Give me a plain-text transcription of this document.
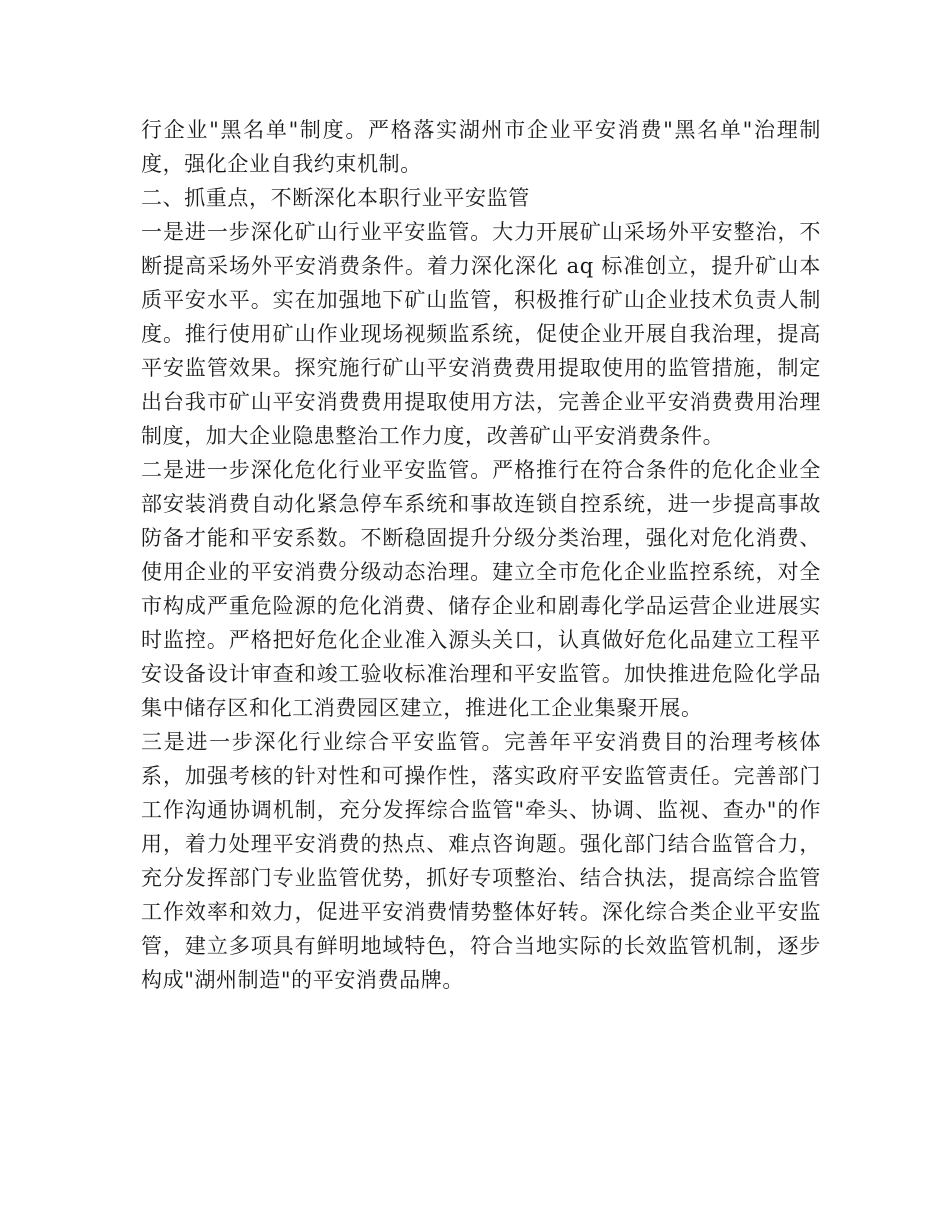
行企业"黑名单"制度。严格落实湖州市企业平安消费"黑名单"治理制度，强化企业自我约束机制。

二、抓重点，不断深化本职行业平安监管

一是进一步深化矿山行业平安监管。大力开展矿山采场外平安整治，不断提高采场外平安消费条件。着力深化深化 aq 标准创立，提升矿山本质平安水平。实在加强地下矿山监管，积极推行矿山企业技术负责人制度。推行使用矿山作业现场视频监系统，促使企业开展自我治理，提高平安监管效果。探究施行矿山平安消费费用提取使用的监管措施，制定出台我市矿山平安消费费用提取使用方法，完善企业平安消费费用治理制度，加大企业隐患整治工作力度，改善矿山平安消费条件。

二是进一步深化危化行业平安监管。严格推行在符合条件的危化企业全部安装消费自动化紧急停车系统和事故连锁自控系统，进一步提高事故防备才能和平安系数。不断稳固提升分级分类治理，强化对危化消费、使用企业的平安消费分级动态治理。建立全市危化企业监控系统，对全市构成严重危险源的危化消费、储存企业和剧毒化学品运营企业进展实时监控。严格把好危化企业准入源头关口，认真做好危化品建立工程平安设备设计审查和竣工验收标准治理和平安监管。加快推进危险化学品集中储存区和化工消费园区建立，推进化工企业集聚开展。

三是进一步深化行业综合平安监管。完善年平安消费目的治理考核体系，加强考核的针对性和可操作性，落实政府平安监管责任。完善部门工作沟通协调机制，充分发挥综合监管"牵头、协调、监视、查办"的作用，着力处理平安消费的热点、难点咨询题。强化部门结合监管合力，充分发挥部门专业监管优势，抓好专项整治、结合执法，提高综合监管工作效率和效力，促进平安消费情势整体好转。深化综合类企业平安监管，建立多项具有鲜明地域特色，符合当地实际的长效监管机制，逐步构成"湖州制造"的平安消费品牌。
